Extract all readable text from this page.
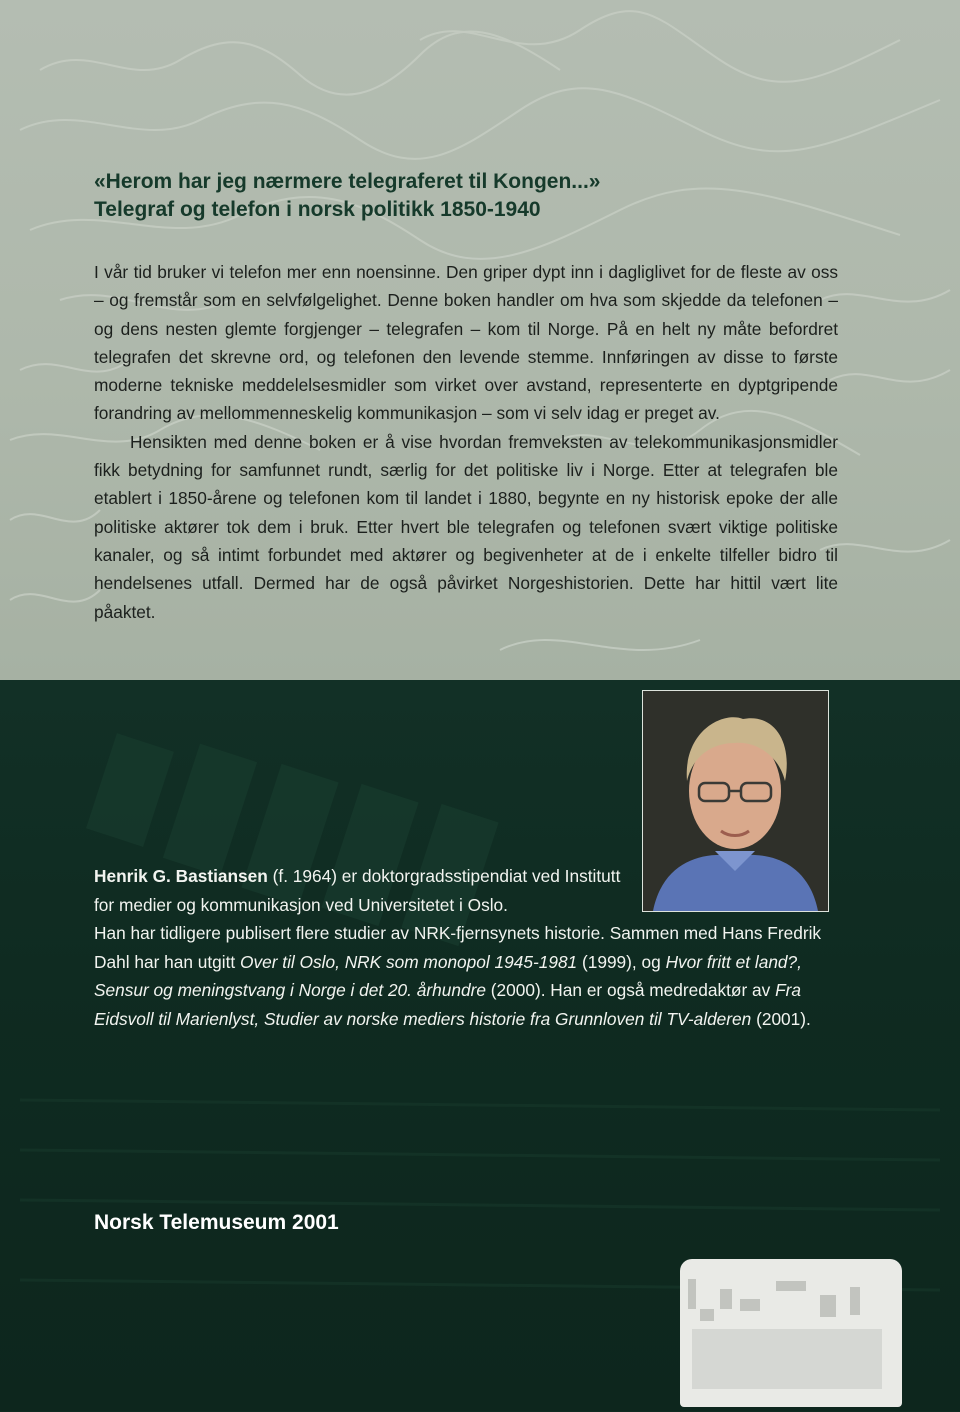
«Herom har jeg nærmere telegraferet til Kongen...»
Telegraf og telefon i norsk politikk 1850-1940

I vår tid bruker vi telefon mer enn noensinne. Den griper dypt inn i dagliglivet for de fleste av oss – og fremstår som en selvfølgelighet. Denne boken handler om hva som skjedde da telefonen – og dens nesten glemte forgjenger – telegrafen – kom til Norge. På en helt ny måte befordret telegrafen det skrevne ord, og telefonen den levende stemme. Innføringen av disse to første moderne tekniske meddelelsesmidler som virket over avstand, representerte en dyptgripende forandring av mellommenneskelig kommunikasjon – som vi selv idag er preget av.

Hensikten med denne boken er å vise hvordan fremveksten av telekommunikasjonsmidler fikk betydning for samfunnet rundt, særlig for det politiske liv i Norge. Etter at telegrafen ble etablert i 1850-årene og telefonen kom til landet i 1880, begynte en ny historisk epoke der alle politiske aktører tok dem i bruk. Etter hvert ble telegrafen og telefonen svært viktige politiske kanaler, og så intimt forbundet med aktører og begivenheter at de i enkelte tilfeller bidro til hendelsenes utfall. Dermed har de også påvirket Norgeshistorien. Dette har hittil vært lite påaktet.

Henrik G. Bastiansen (f. 1964) er doktorgradsstipendiat ved Institutt for medier og kommunikasjon ved Universitetet i Oslo.
Han har tidligere publisert flere studier av NRK-fjernsynets historie. Sammen med Hans Fredrik Dahl har han utgitt Over til Oslo, NRK som monopol 1945-1981 (1999), og Hvor fritt et land?, Sensur og meningstvang i Norge i det 20. århundre (2000). Han er også medredaktør av Fra Eidsvoll til Marienlyst, Studier av norske mediers historie fra Grunnloven til TV-alderen (2001).

Norsk Telemuseum 2001
